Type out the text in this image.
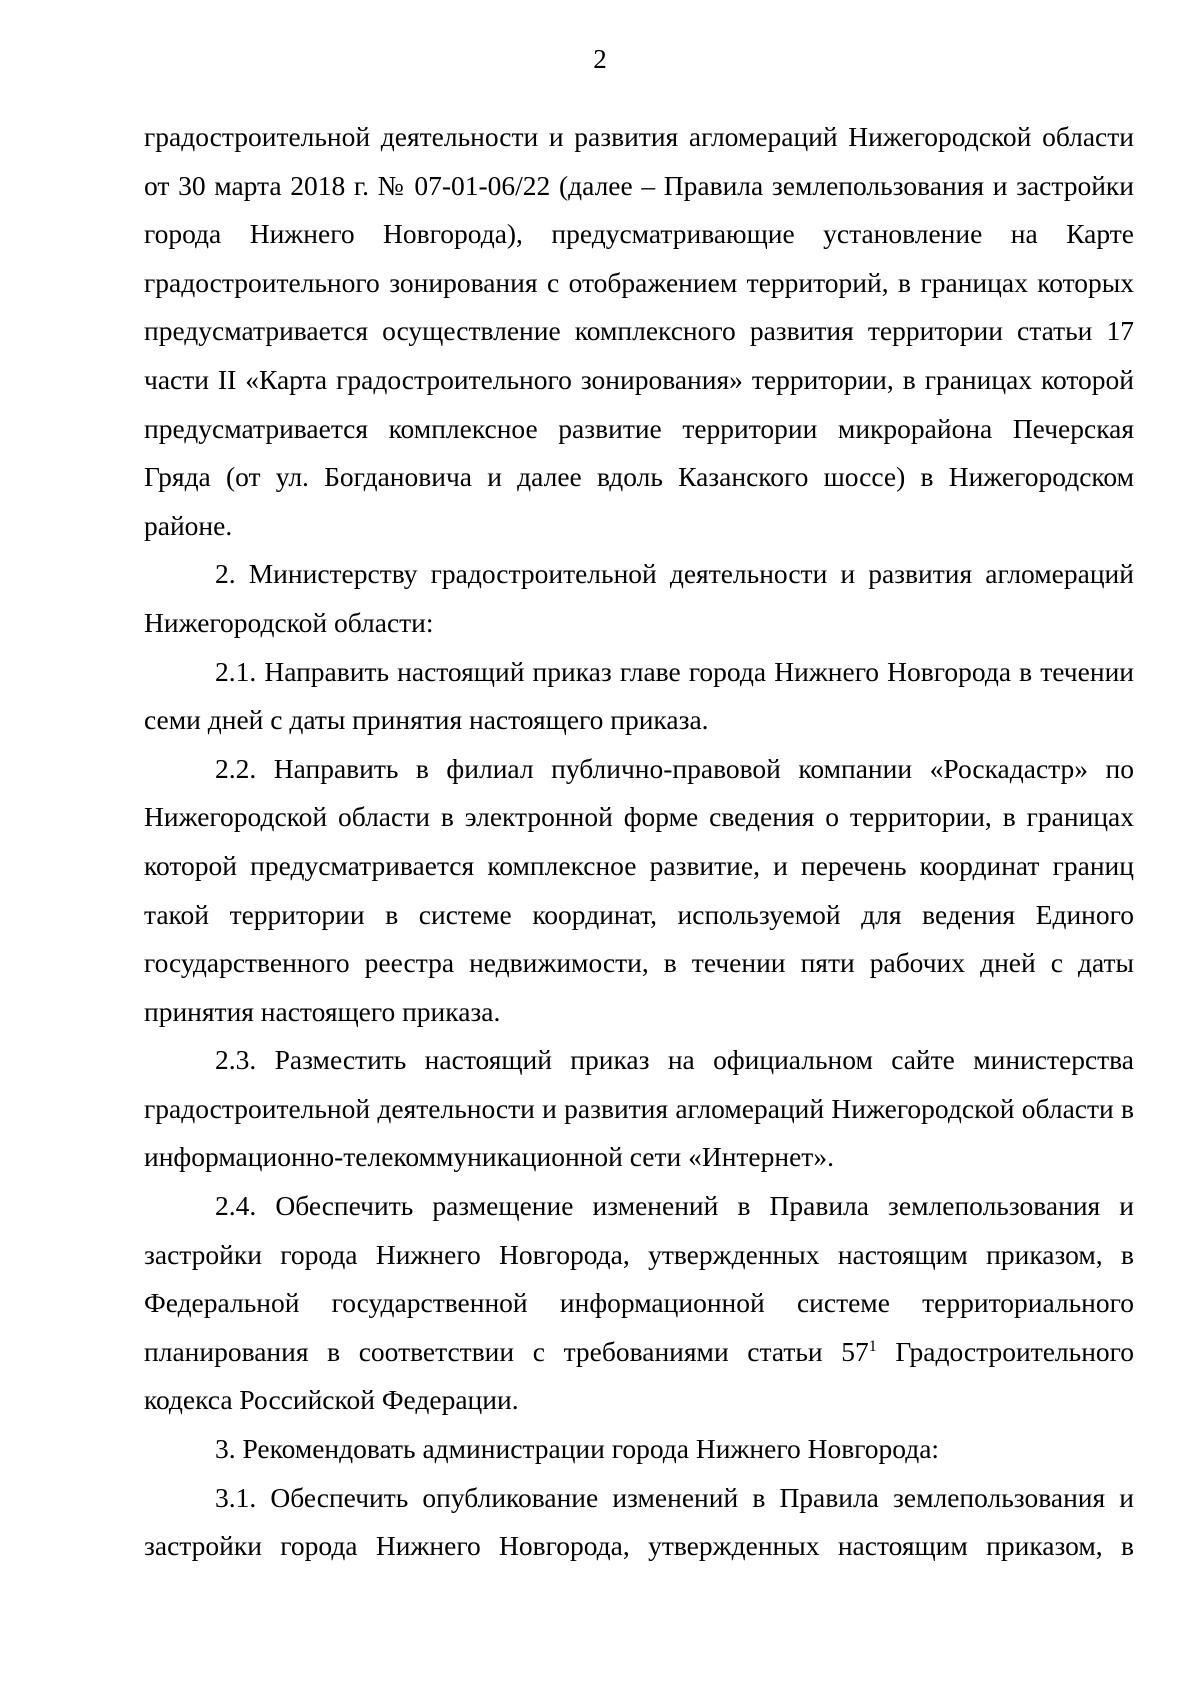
2

градостроительной деятельности и развития агломераций Нижегородской области от 30 марта 2018 г. № 07-01-06/22 (далее – Правила землепользования и застройки города Нижнего Новгорода), предусматривающие установление на Карте градостроительного зонирования с отображением территорий, в границах которых предусматривается осуществление комплексного развития территории статьи 17 части II «Карта градостроительного зонирования» территории, в границах которой предусматривается комплексное развитие территории микрорайона Печерская Гряда (от ул. Богдановича и далее вдоль Казанского шоссе) в Нижегородском районе.

2. Министерству градостроительной деятельности и развития агломераций Нижегородской области:

2.1. Направить настоящий приказ главе города Нижнего Новгорода в течении семи дней с даты принятия настоящего приказа.

2.2. Направить в филиал публично-правовой компании «Роскадастр» по Нижегородской области в электронной форме сведения о территории, в границах которой предусматривается комплексное развитие, и перечень координат границ такой территории в системе координат, используемой для ведения Единого государственного реестра недвижимости, в течении пяти рабочих дней с даты принятия настоящего приказа.

2.3. Разместить настоящий приказ на официальном сайте министерства градостроительной деятельности и развития агломераций Нижегородской области в информационно-телекоммуникационной сети «Интернет».

2.4. Обеспечить размещение изменений в Правила землепользования и застройки города Нижнего Новгорода, утвержденных настоящим приказом, в Федеральной государственной информационной системе территориального планирования в соответствии с требованиями статьи $57^1$ Градостроительного кодекса Российской Федерации.

3. Рекомендовать администрации города Нижнего Новгорода:

3.1. Обеспечить опубликование изменений в Правила землепользования и застройки города Нижнего Новгорода, утвержденных настоящим приказом, в
